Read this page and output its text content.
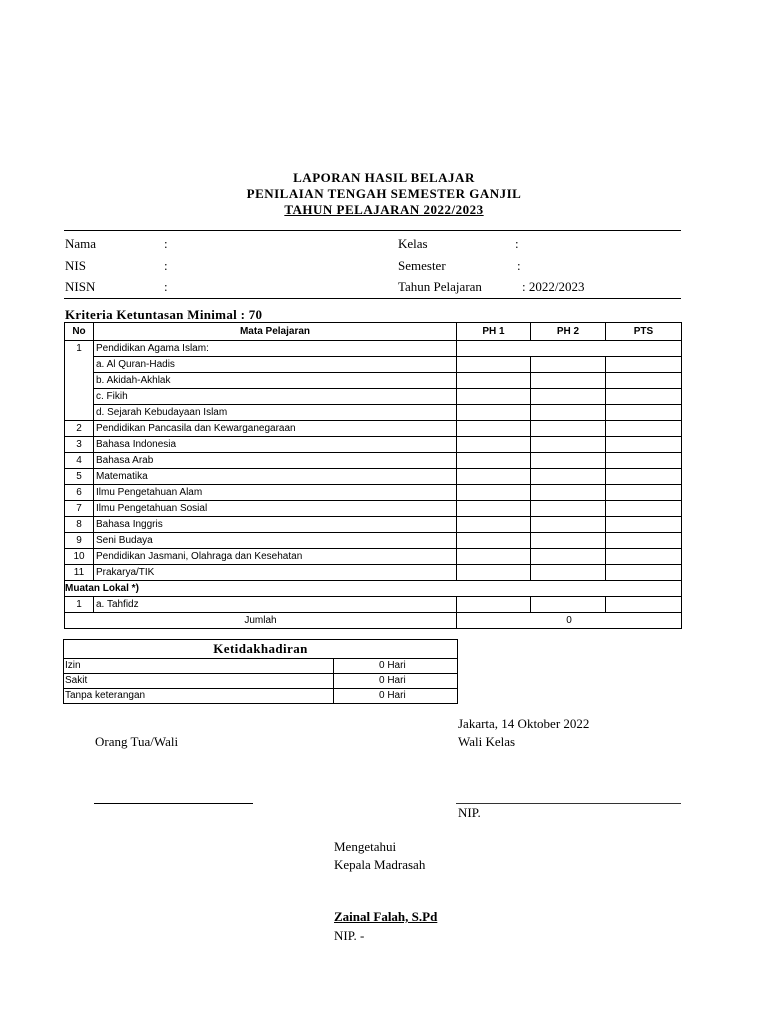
LAPORAN HASIL BELAJAR
PENILAIAN TENGAH SEMESTER GANJIL
TAHUN PELAJARAN 2022/2023
Nama	:	Kelas	:
NIS	:	Semester	:
NISN	:	Tahun Pelajaran	: 2022/2023
Kriteria Ketuntasan Minimal : 70
No	Mata Pelajaran	PH 1	PH 2	PTS
1	Pendidikan Agama Islam:			
	a. Al Quran-Hadis			
	b. Akidah-Akhlak			
	c. Fikih			
	d. Sejarah Kebudayaan Islam			
2	Pendidikan Pancasila dan Kewarganegaraan			
3	Bahasa Indonesia			
4	Bahasa Arab			
5	Matematika			
6	Ilmu Pengetahuan Alam			
7	Ilmu Pengetahuan Sosial			
8	Bahasa Inggris			
9	Seni Budaya			
10	Pendidikan Jasmani, Olahraga dan Kesehatan			
11	Prakarya/TIK			
Muatan Lokal *)				
1	a. Tahfidz			
Jumlah		0		
Ketidakhadiran	
Izin	0 Hari
Sakit	0 Hari
Tanpa keterangan	0 Hari
Jakarta, 14 Oktober 2022
Orang Tua/Wali	Wali Kelas
NIP.
Mengetahui
Kepala Madrasah
Zainal Falah, S.Pd
NIP. -
